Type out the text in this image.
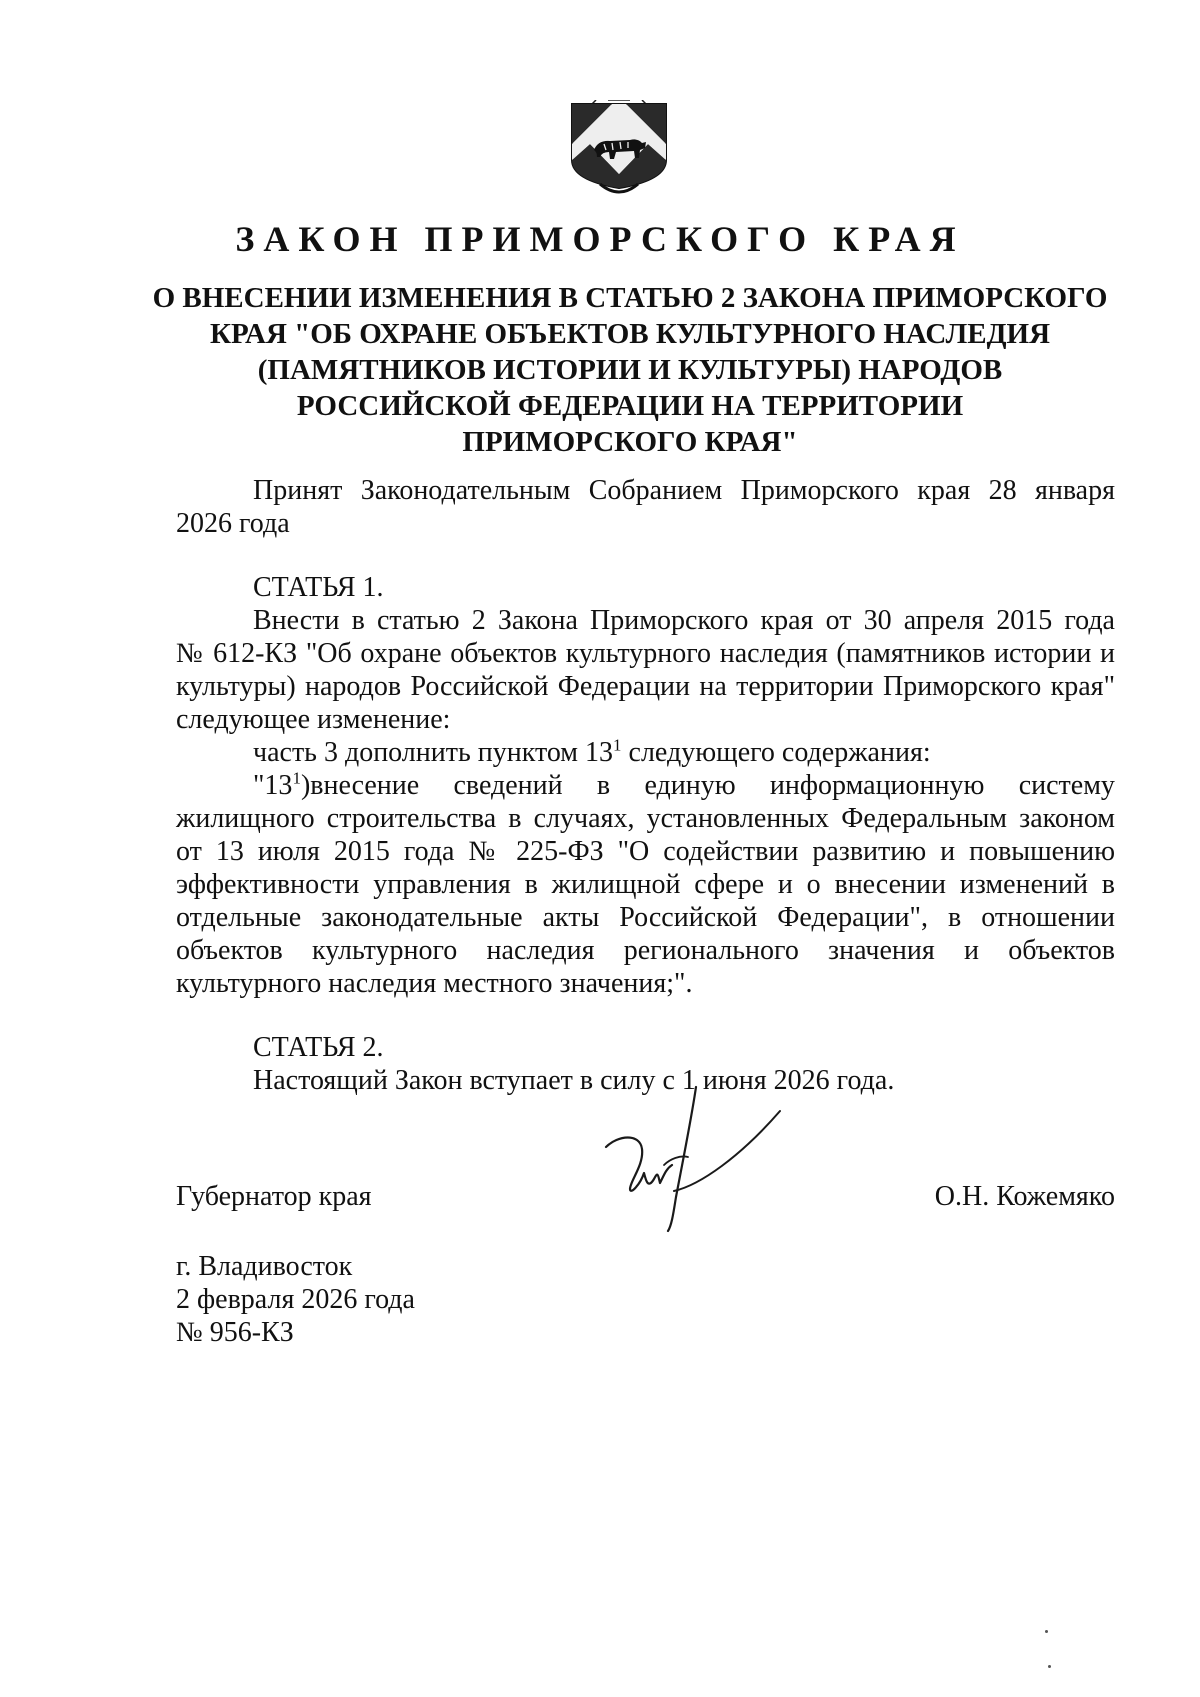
ЗАКОН ПРИМОРСКОГО КРАЯ
О ВНЕСЕНИИ ИЗМЕНЕНИЯ В СТАТЬЮ 2 ЗАКОНА ПРИМОРСКОГО
КРАЯ "ОБ ОХРАНЕ ОБЪЕКТОВ КУЛЬТУРНОГО НАСЛЕДИЯ
(ПАМЯТНИКОВ ИСТОРИИ И КУЛЬТУРЫ) НАРОДОВ
РОССИЙСКОЙ ФЕДЕРАЦИИ НА ТЕРРИТОРИИ
ПРИМОРСКОГО КРАЯ"
Принят Законодательным Собранием Приморского края 28 января
2026 года
СТАТЬЯ 1.
Внести в статью 2 Закона Приморского края от 30 апреля 2015 года
№ 612-КЗ "Об охране объектов культурного наследия (памятников истории и
культуры) народов Российской Федерации на территории Приморского края"
следующее изменение:
часть 3 дополнить пунктом $13^1$ следующего содержания:
"$13^1)внесение$ сведений в единую информационную систему
жилищного строительства в случаях, установленных Федеральным законом
от 13 июля 2015 года № 225-ФЗ "О содействии развитию и повышению
эффективности управления в жилищной сфере и о внесении изменений в
отдельные законодательные акты Российской Федерации", в отношении
объектов культурного наследия регионального значения и объектов
культурного наследия местного значения;".
СТАТЬЯ 2.
Настоящий Закон вступает в силу с 1 июня 2026 года.
Губернатор края	О.Н. Кожемяко
г. Владивосток
2 февраля 2026 года
№ 956-КЗ
